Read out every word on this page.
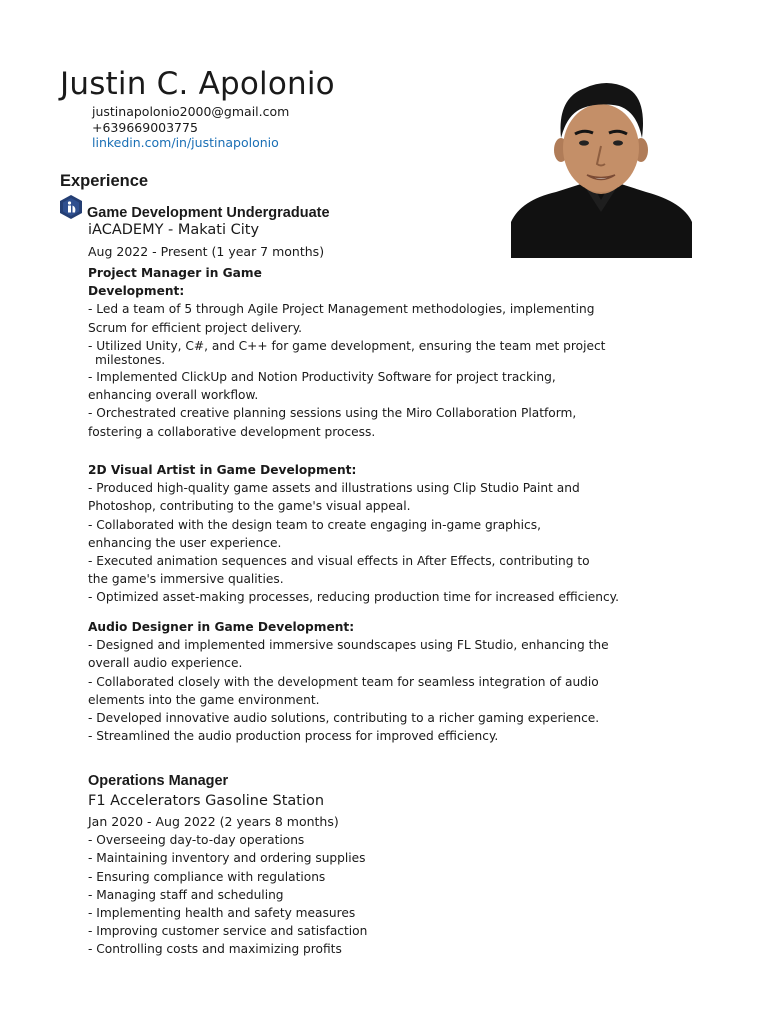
Justin C. Apolonio
justinapolonio2000@gmail.com
+639669003775
linkedin.com/in/justinapolonio
Experience
Game Development Undergraduate
iACADEMY - Makati City
Aug 2022 - Present (1 year 7 months)
Project Manager in Game Development:
- Led a team of 5 through Agile Project Management methodologies, implementing
Scrum for efficient project delivery.
- Utilized Unity, C#, and C++ for game development, ensuring the team met project
milestones.
- Implemented ClickUp and Notion Productivity Software for project tracking,
enhancing overall workflow.
- Orchestrated creative planning sessions using the Miro Collaboration Platform,
fostering a collaborative development process.
2D Visual Artist in Game Development:
- Produced high-quality game assets and illustrations using Clip Studio Paint and
Photoshop, contributing to the game's visual appeal.
- Collaborated with the design team to create engaging in-game graphics,
enhancing the user experience.
- Executed animation sequences and visual effects in After Effects, contributing to
the game's immersive qualities.
- Optimized asset-making processes, reducing production time for increased efficiency.
Audio Designer in Game Development:
- Designed and implemented immersive soundscapes using FL Studio, enhancing the
overall audio experience.
- Collaborated closely with the development team for seamless integration of audio
elements into the game environment.
- Developed innovative audio solutions, contributing to a richer gaming experience.
- Streamlined the audio production process for improved efficiency.
Operations Manager
F1 Accelerators Gasoline Station
Jan 2020 - Aug 2022 (2 years 8 months)
- Overseeing day-to-day operations
- Maintaining inventory and ordering supplies
- Ensuring compliance with regulations
- Managing staff and scheduling
- Implementing health and safety measures
- Improving customer service and satisfaction
- Controlling costs and maximizing profits
